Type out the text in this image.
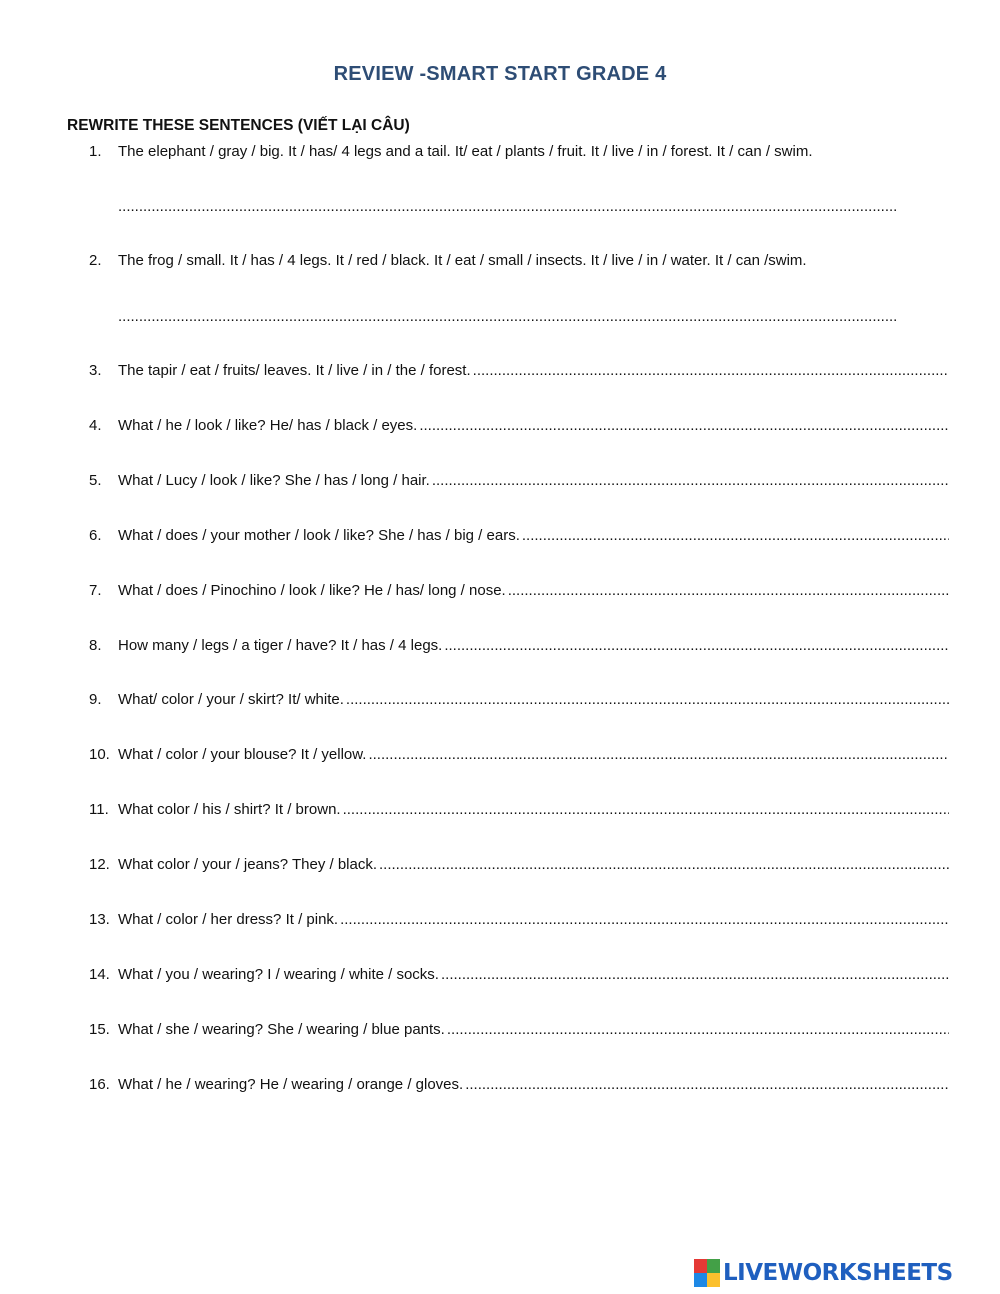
REVIEW -SMART START GRADE 4
REWRITE THESE SENTENCES (VIẾT LẠI CÂU)
1.	The elephant / gray / big. It / has/ 4 legs and a tail. It/ eat / plants / fruit. It / live / in / forest. It / can / swim.
.....
2.	The frog / small. It / has / 4 legs. It / red / black. It / eat / small / insects. It / live / in / water. It / can /swim.
.....
3.	The tapir / eat / fruits/ leaves. It / live / in / the / forest.
.....
4.	What / he / look / like? He/ has / black / eyes.
.....
5.	What / Lucy / look / like? She / has / long / hair.
.....
6.	What / does / your mother / look / like? She / has / big / ears.
.....
7.	What / does / Pinochino / look / like? He / has/ long / nose.
.....
8.	How many / legs / a tiger / have? It / has / 4 legs.
.....
9.	What/ color / your / skirt? It/ white.
.....
10. What / color / your blouse? It / yellow.
.....
11. What color / his / shirt? It / brown.
.....
12. What color / your / jeans? They / black.
.....
13. What / color / her dress? It / pink.
.....
14. What / you / wearing? I / wearing / white / socks.
.....
15. What / she / wearing? She / wearing / blue pants.
.....
16. What / he / wearing? He / wearing / orange / gloves.
.....
LIVEWORKSHEETS
